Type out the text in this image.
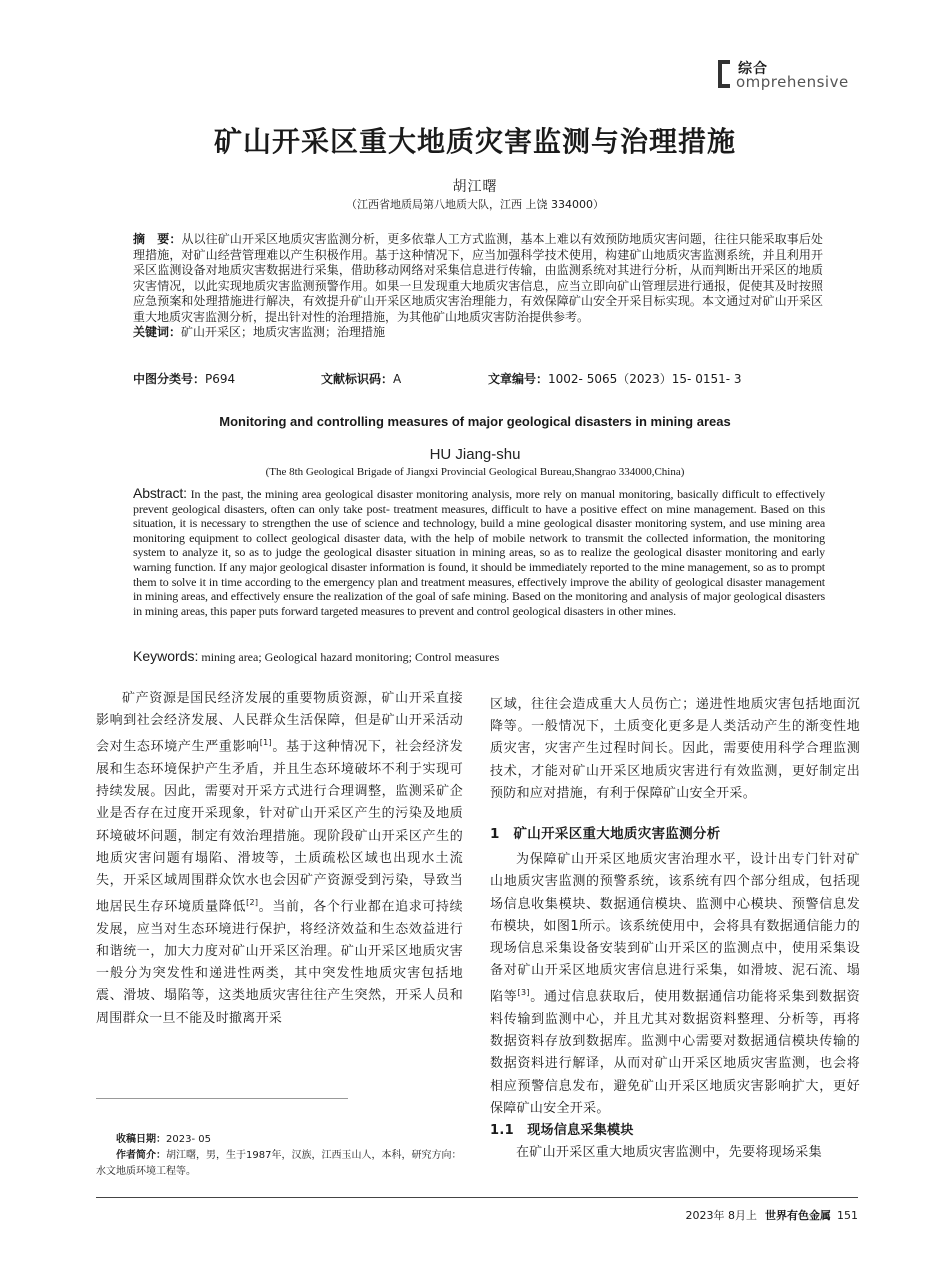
综合
omprehensive
矿山开采区重大地质灾害监测与治理措施
胡江曙
（江西省地质局第八地质大队，江西 上饶 334000）
摘　要：从以往矿山开采区地质灾害监测分析，更多依靠人工方式监测，基本上难以有效预防地质灾害问题，往往只能采取事后处理措施，对矿山经营管理难以产生积极作用。基于这种情况下，应当加强科学技术使用，构建矿山地质灾害监测系统，并且利用开采区监测设备对地质灾害数据进行采集，借助移动网络对采集信息进行传输，由监测系统对其进行分析，从而判断出开采区的地质灾害情况，以此实现地质灾害监测预警作用。如果一旦发现重大地质灾害信息，应当立即向矿山管理层进行通报，促使其及时按照应急预案和处理措施进行解决，有效提升矿山开采区地质灾害治理能力，有效保障矿山安全开采目标实现。本文通过对矿山开采区重大地质灾害监测分析，提出针对性的治理措施，为其他矿山地质灾害防治提供参考。
关键词：矿山开采区；地质灾害监测；治理措施
中图分类号：P694	文献标识码：A	文章编号：1002- 5065（2023）15- 0151- 3
Monitoring and controlling measures of major geological disasters in mining areas
HU Jiang-shu
(The 8th Geological Brigade of Jiangxi Provincial Geological Bureau,Shangrao 334000,China)
Abstract: In the past, the mining area geological disaster monitoring analysis, more rely on manual monitoring, basically difficult to effectively prevent geological disasters, often can only take post- treatment measures, difficult to have a positive effect on mine management. Based on this situation, it is necessary to strengthen the use of science and technology, build a mine geological disaster monitoring system, and use mining area monitoring equipment to collect geological disaster data, with the help of mobile network to transmit the collected information, the monitoring system to analyze it, so as to judge the geological disaster situation in mining areas, so as to realize the geological disaster monitoring and early warning function. If any major geological disaster information is found, it should be immediately reported to the mine management, so as to prompt them to solve it in time according to the emergency plan and treatment measures, effectively improve the ability of geological disaster management in mining areas, and effectively ensure the realization of the goal of safe mining. Based on the monitoring and analysis of major geological disasters in mining areas, this paper puts forward targeted measures to prevent and control geological disasters in other mines.
Keywords: mining area; Geological hazard monitoring; Control measures

矿产资源是国民经济发展的重要物质资源，矿山开采直接影响到社会经济发展、人民群众生活保障，但是矿山开采活动会对生态环境产生严重影响[1]。基于这种情况下，社会经济发展和生态环境保护产生矛盾，并且生态环境破坏不利于实现可持续发展。因此，需要对开采方式进行合理调整，监测采矿企业是否存在过度开采现象，针对矿山开采区产生的污染及地质环境破坏问题，制定有效治理措施。现阶段矿山开采区产生的地质灾害问题有塌陷、滑坡等，土质疏松区域也出现水土流失，开采区域周围群众饮水也会因矿产资源受到污染，导致当地居民生存环境质量降低[2]。当前，各个行业都在追求可持续发展，应当对生态环境进行保护，将经济效益和生态效益进行和谐统一，加大力度对矿山开采区治理。矿山开采区地质灾害一般分为突发性和递进性两类，其中突发性地质灾害包括地震、滑坡、塌陷等，这类地质灾害往往产生突然，开采人员和周围群众一旦不能及时撤离开采

区域，往往会造成重大人员伤亡；递进性地质灾害包括地面沉降等。一般情况下，土质变化更多是人类活动产生的渐变性地质灾害，灾害产生过程时间长。因此，需要使用科学合理监测技术，才能对矿山开采区地质灾害进行有效监测，更好制定出预防和应对措施，有利于保障矿山安全开采。

1　矿山开采区重大地质灾害监测分析

为保障矿山开采区地质灾害治理水平，设计出专门针对矿山地质灾害监测的预警系统，该系统有四个部分组成，包括现场信息收集模块、数据通信模块、监测中心模块、预警信息发布模块，如图1所示。该系统使用中，会将具有数据通信能力的现场信息采集设备安装到矿山开采区的监测点中，使用采集设备对矿山开采区地质灾害信息进行采集，如滑坡、泥石流、塌陷等[3]。通过信息获取后，使用数据通信功能将采集到数据资料传输到监测中心，并且尤其对数据资料整理、分析等，再将数据资料存放到数据库。监测中心需要对数据通信模块传输的数据资料进行解译，从而对矿山开采区地质灾害监测，也会将相应预警信息发布，避免矿山开采区地质灾害影响扩大，更好保障矿山安全开采。

1.1　现场信息采集模块

在矿山开采区重大地质灾害监测中，先要将现场采集

收稿日期：2023- 05
作者简介：胡江曙，男，生于1987年，汉族，江西玉山人，本科，研究方向：水文地质环境工程等。
2023年 8月上 世界有色金属 151
